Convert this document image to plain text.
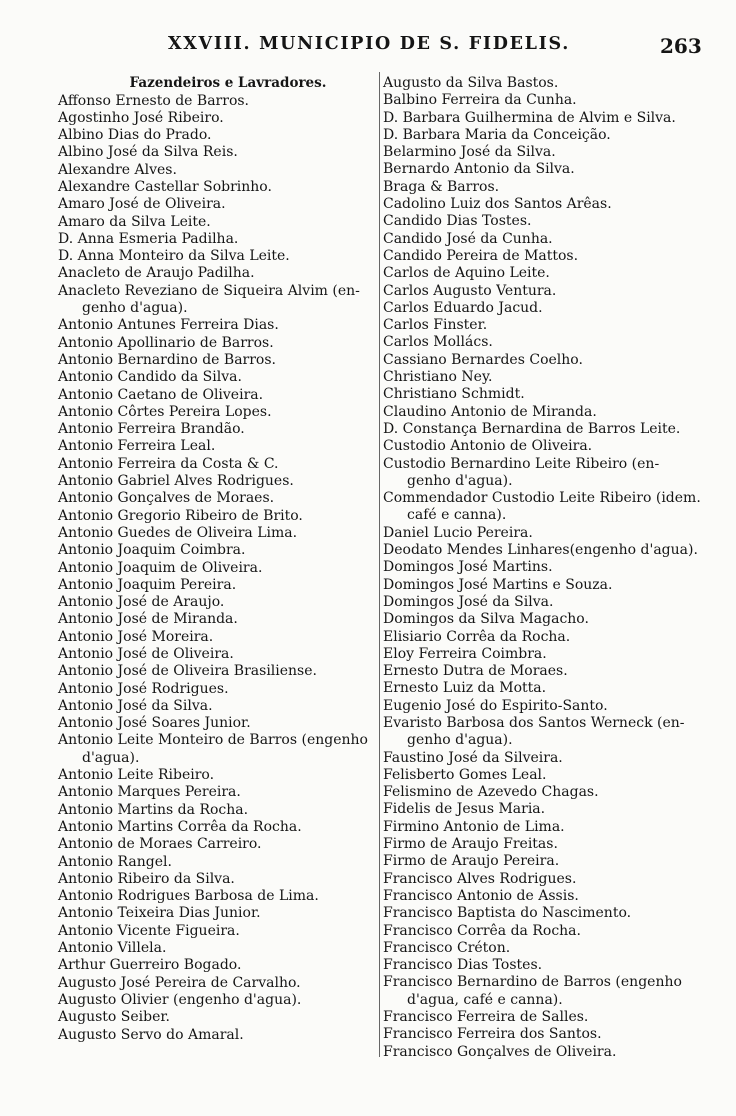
XXVIII. MUNICIPIO DE S. FIDELIS.	263
Fazendeiros e Lavradores.
Affonso Ernesto de Barros.
Agostinho José Ribeiro.
Albino Dias do Prado.
Albino José da Silva Reis.
Alexandre Alves.
Alexandre Castellar Sobrinho.
Amaro José de Oliveira.
Amaro da Silva Leite.
D. Anna Esmeria Padilha.
D. Anna Monteiro da Silva Leite.
Anacleto de Araujo Padilha.
Anacleto Reveziano de Siqueira Alvim (en-
genho d'agua).
Antonio Antunes Ferreira Dias.
Antonio Apollinario de Barros.
Antonio Bernardino de Barros.
Antonio Candido da Silva.
Antonio Caetano de Oliveira.
Antonio Côrtes Pereira Lopes.
Antonio Ferreira Brandão.
Antonio Ferreira Leal.
Antonio Ferreira da Costa & C.
Antonio Gabriel Alves Rodrigues.
Antonio Gonçalves de Moraes.
Antonio Gregorio Ribeiro de Brito.
Antonio Guedes de Oliveira Lima.
Antonio Joaquim Coimbra.
Antonio Joaquim de Oliveira.
Antonio Joaquim Pereira.
Antonio José de Araujo.
Antonio José de Miranda.
Antonio José Moreira.
Antonio José de Oliveira.
Antonio José de Oliveira Brasiliense.
Antonio José Rodrigues.
Antonio José da Silva.
Antonio José Soares Junior.
Antonio Leite Monteiro de Barros (engenho
d'agua).
Antonio Leite Ribeiro.
Antonio Marques Pereira.
Antonio Martins da Rocha.
Antonio Martins Corrêa da Rocha.
Antonio de Moraes Carreiro.
Antonio Rangel.
Antonio Ribeiro da Silva.
Antonio Rodrigues Barbosa de Lima.
Antonio Teixeira Dias Junior.
Antonio Vicente Figueira.
Antonio Villela.
Arthur Guerreiro Bogado.
Augusto José Pereira de Carvalho.
Augusto Olivier (engenho d'agua).
Augusto Seiber.
Augusto Servo do Amaral.
Augusto da Silva Bastos.
Balbino Ferreira da Cunha.
D. Barbara Guilhermina de Alvim e Silva.
D. Barbara Maria da Conceição.
Belarmino José da Silva.
Bernardo Antonio da Silva.
Braga & Barros.
Cadolino Luiz dos Santos Arêas.
Candido Dias Tostes.
Candido José da Cunha.
Candido Pereira de Mattos.
Carlos de Aquino Leite.
Carlos Augusto Ventura.
Carlos Eduardo Jacud.
Carlos Finster.
Carlos Mollács.
Cassiano Bernardes Coelho.
Christiano Ney.
Christiano Schmidt.
Claudino Antonio de Miranda.
D. Constança Bernardina de Barros Leite.
Custodio Antonio de Oliveira.
Custodio Bernardino Leite Ribeiro (en-
genho d'agua).
Commendador Custodio Leite Ribeiro (idem.
café e canna).
Daniel Lucio Pereira.
Deodato Mendes Linhares(engenho d'agua).
Domingos José Martins.
Domingos José Martins e Souza.
Domingos José da Silva.
Domingos da Silva Magacho.
Elisiario Corrêa da Rocha.
Eloy Ferreira Coimbra.
Ernesto Dutra de Moraes.
Ernesto Luiz da Motta.
Eugenio José do Espirito-Santo.
Evaristo Barbosa dos Santos Werneck (en-
genho d'agua).
Faustino José da Silveira.
Felisberto Gomes Leal.
Felismino de Azevedo Chagas.
Fidelis de Jesus Maria.
Firmino Antonio de Lima.
Firmo de Araujo Freitas.
Firmo de Araujo Pereira.
Francisco Alves Rodrigues.
Francisco Antonio de Assis.
Francisco Baptista do Nascimento.
Francisco Corrêa da Rocha.
Francisco Créton.
Francisco Dias Tostes.
Francisco Bernardino de Barros (engenho
d'agua, café e canna).
Francisco Ferreira de Salles.
Francisco Ferreira dos Santos.
Francisco Gonçalves de Oliveira.
